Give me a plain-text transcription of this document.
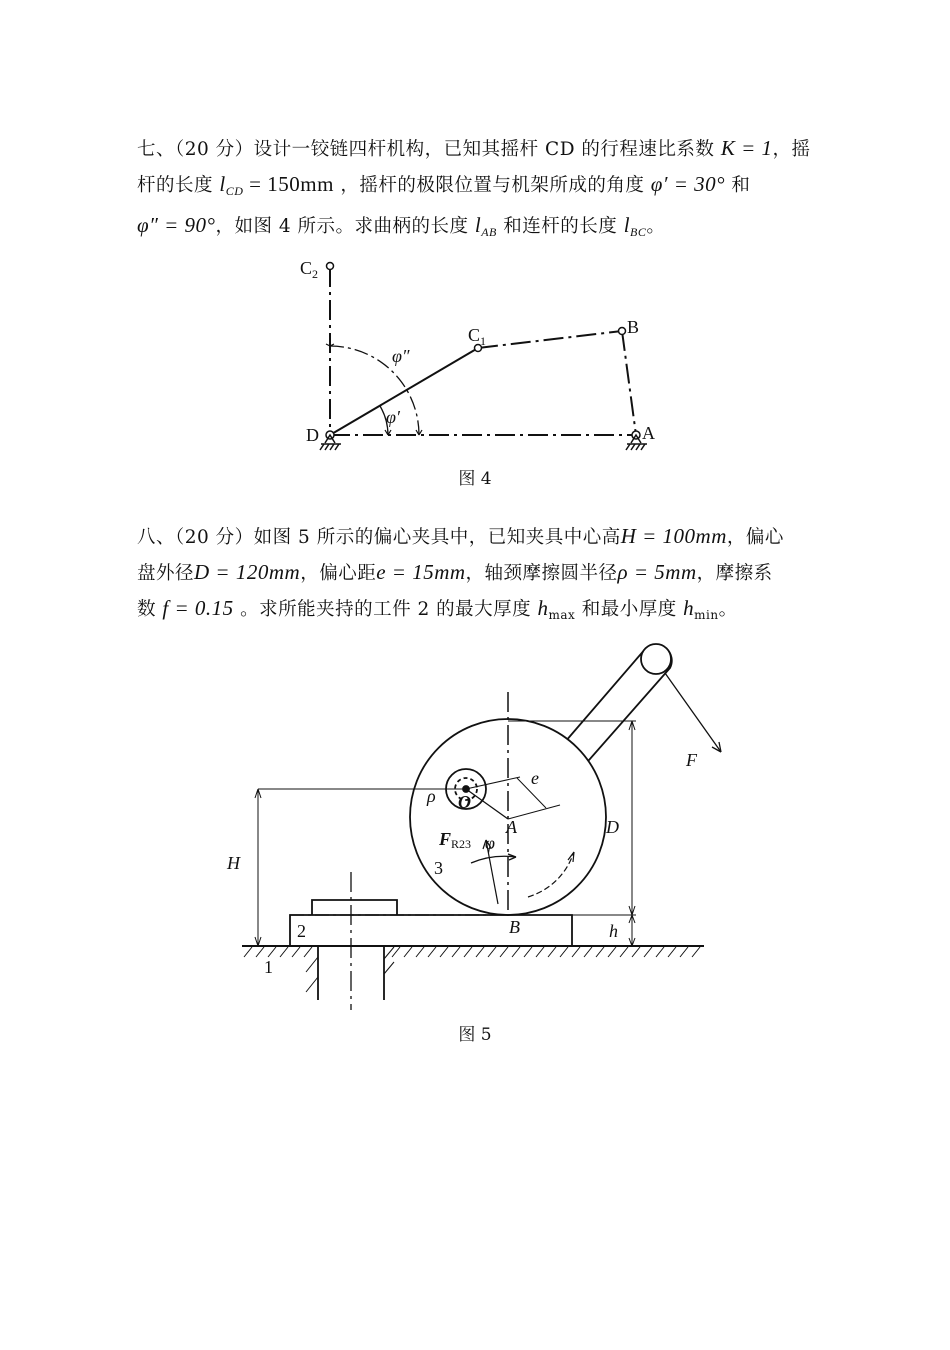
七、（20 分）设计一铰链四杆机构，已知其摇杆 CD 的行程速比系数 K = 1，摇
杆的长度 $l_{CD} = 150mm$ ，摇杆的极限位置与机架所成的角度 φ′ = 30° 和
φ″ = 90°，如图 4 所示。求曲柄的长度 $l_{AB}$ 和连杆的长度 $l_{BC}$。
$C_2$
$C_1$
B
A
D
φ″
φ′
图 4
八、（20 分）如图 5 所示的偏心夹具中，已知夹具中心高H = 100mm，偏心
盘外径D = 120mm，偏心距e = 15mm，轴颈摩擦圆半径ρ = 5mm，摩擦系
数 f = 0.15 。求所能夹持的工件 2 的最大厚度 $h_{max}$ 和最小厚度 $h_{min}$。
F
e
ρ O
A	D
FR23 φ
3
H
2	B	h
1
图 5
